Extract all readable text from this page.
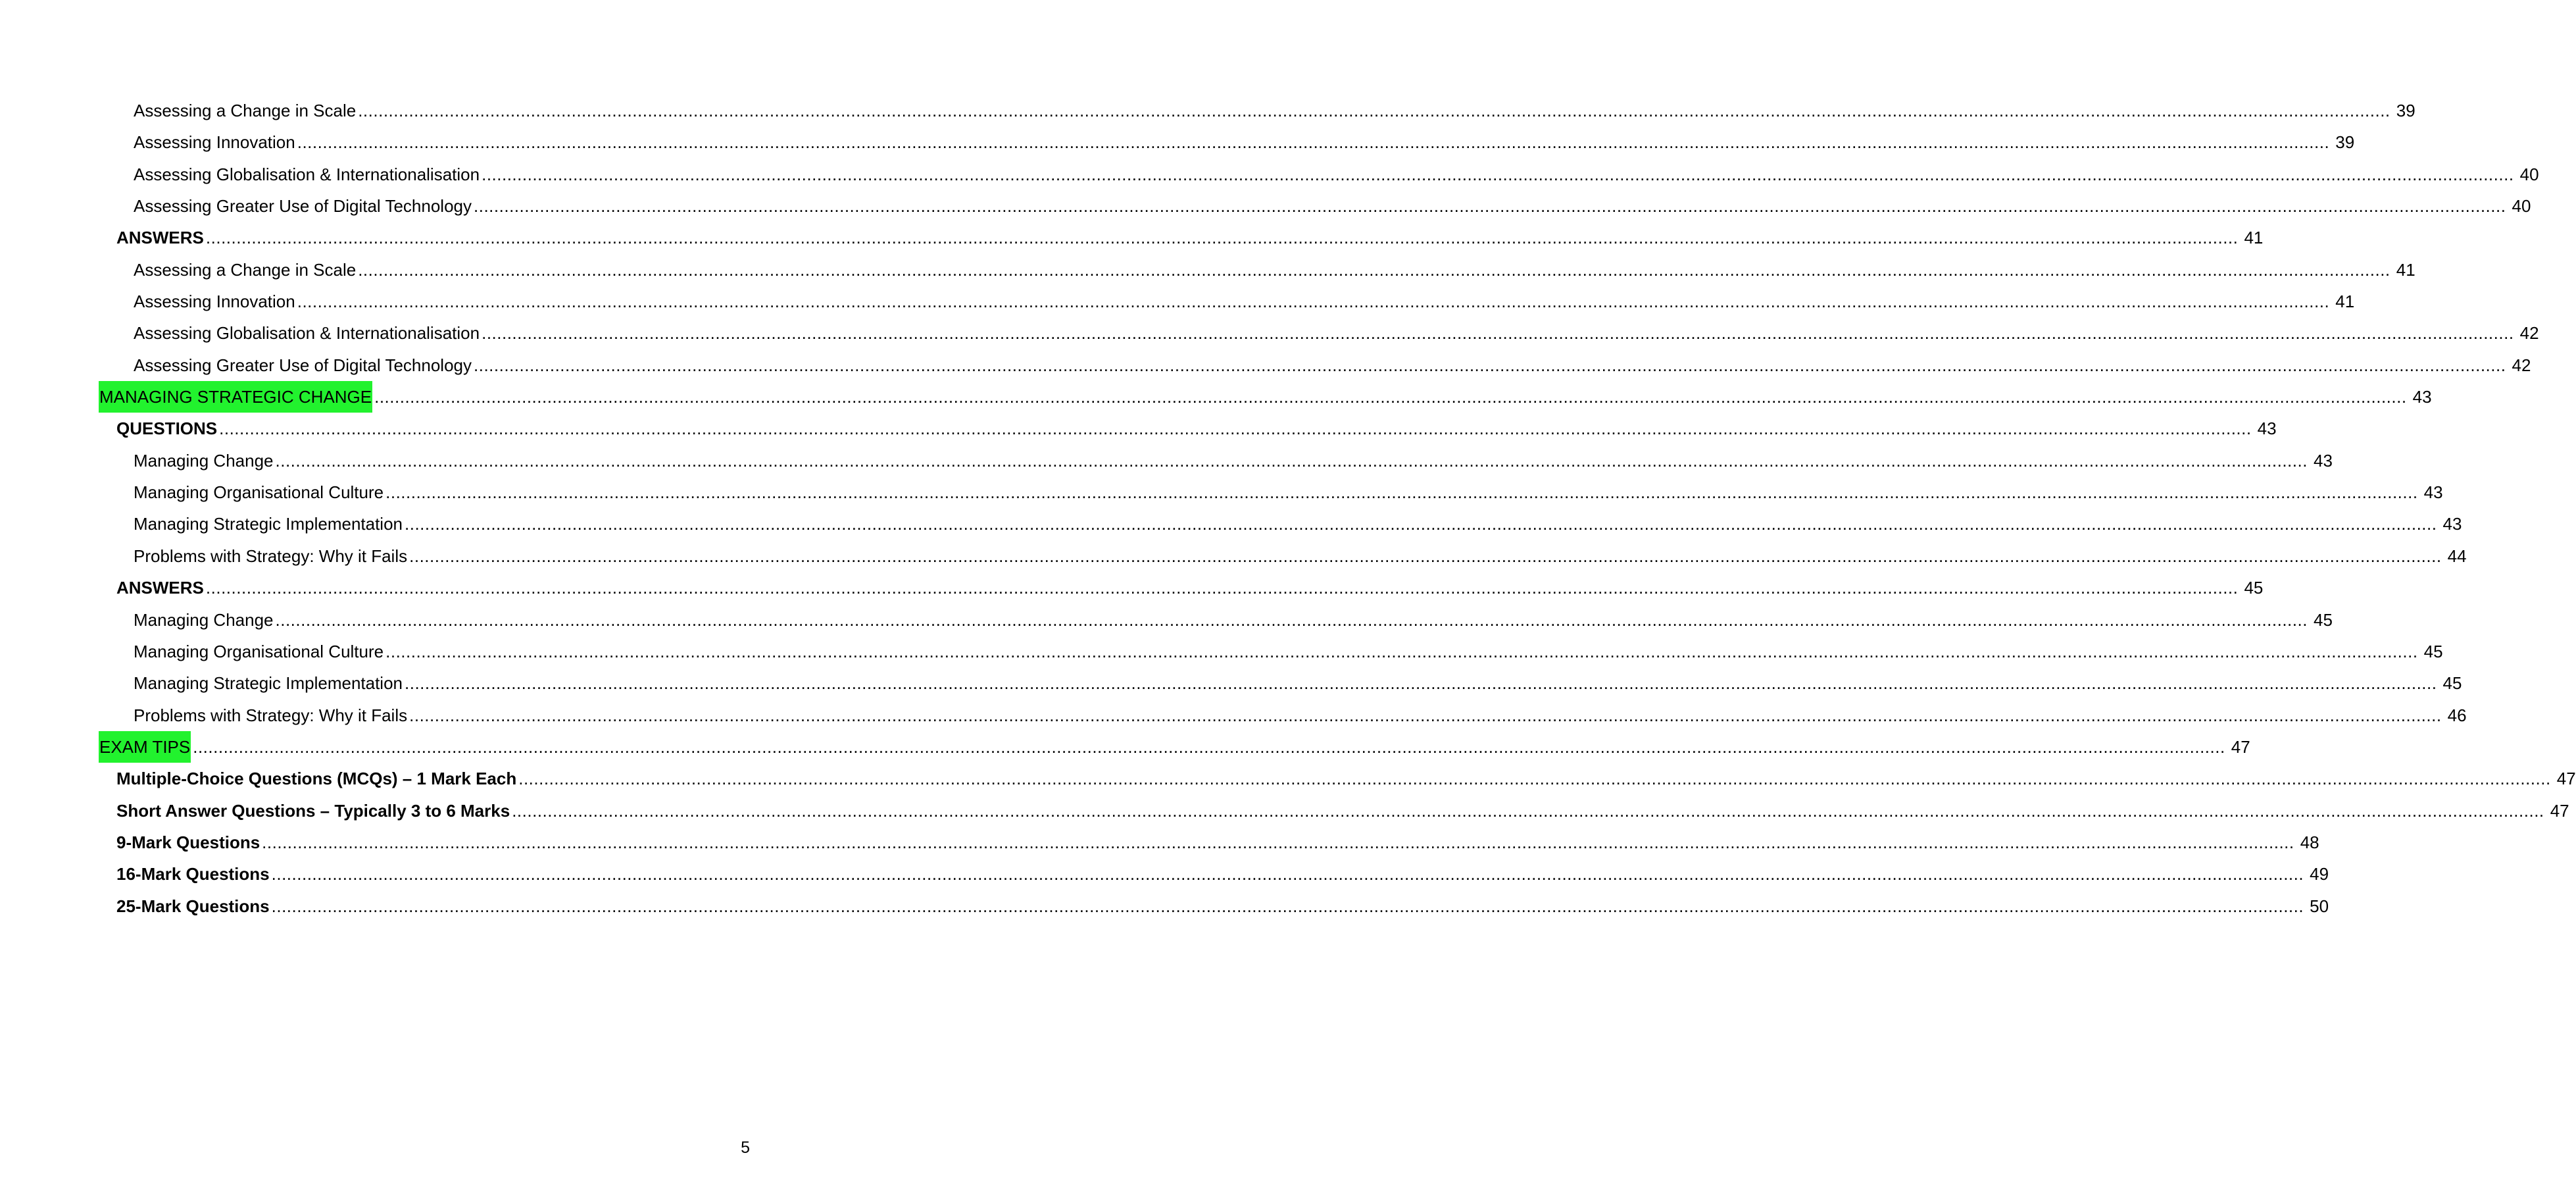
Assessing a Change in Scale ................................................................................................................................................................................................................................................................................................................................................................................................................ 39
Assessing Innovation ................................................................................................................................................................................................................................................................................................................................................................................................................ 39
Assessing Globalisation & Internationalisation ................................................................................................................................................................................................................................................................................................................................................................................................................ 40
Assessing Greater Use of Digital Technology ................................................................................................................................................................................................................................................................................................................................................................................................................ 40
ANSWERS ................................................................................................................................................................................................................................................................................................................................................................................................................ 41
Assessing a Change in Scale ................................................................................................................................................................................................................................................................................................................................................................................................................ 41
Assessing Innovation ................................................................................................................................................................................................................................................................................................................................................................................................................ 41
Assessing Globalisation & Internationalisation ................................................................................................................................................................................................................................................................................................................................................................................................................ 42
Assessing Greater Use of Digital Technology ................................................................................................................................................................................................................................................................................................................................................................................................................ 42
MANAGING STRATEGIC CHANGE ................................................................................................................................................................................................................................................................................................................................................................................................................ 43
QUESTIONS ................................................................................................................................................................................................................................................................................................................................................................................................................ 43
Managing Change ................................................................................................................................................................................................................................................................................................................................................................................................................ 43
Managing Organisational Culture ................................................................................................................................................................................................................................................................................................................................................................................................................ 43
Managing Strategic Implementation ................................................................................................................................................................................................................................................................................................................................................................................................................ 43
Problems with Strategy: Why it Fails ................................................................................................................................................................................................................................................................................................................................................................................................................ 44
ANSWERS ................................................................................................................................................................................................................................................................................................................................................................................................................ 45
Managing Change ................................................................................................................................................................................................................................................................................................................................................................................................................ 45
Managing Organisational Culture ................................................................................................................................................................................................................................................................................................................................................................................................................ 45
Managing Strategic Implementation ................................................................................................................................................................................................................................................................................................................................................................................................................ 45
Problems with Strategy: Why it Fails ................................................................................................................................................................................................................................................................................................................................................................................................................ 46
EXAM TIPS ................................................................................................................................................................................................................................................................................................................................................................................................................ 47
Multiple-Choice Questions (MCQs) – 1 Mark Each ................................................................................................................................................................................................................................................................................................................................................................................................................ 47
Short Answer Questions – Typically 3 to 6 Marks ................................................................................................................................................................................................................................................................................................................................................................................................................ 47
9-Mark Questions ................................................................................................................................................................................................................................................................................................................................................................................................................ 48
16-Mark Questions ................................................................................................................................................................................................................................................................................................................................................................................................................ 49
25-Mark Questions ................................................................................................................................................................................................................................................................................................................................................................................................................ 50
5
